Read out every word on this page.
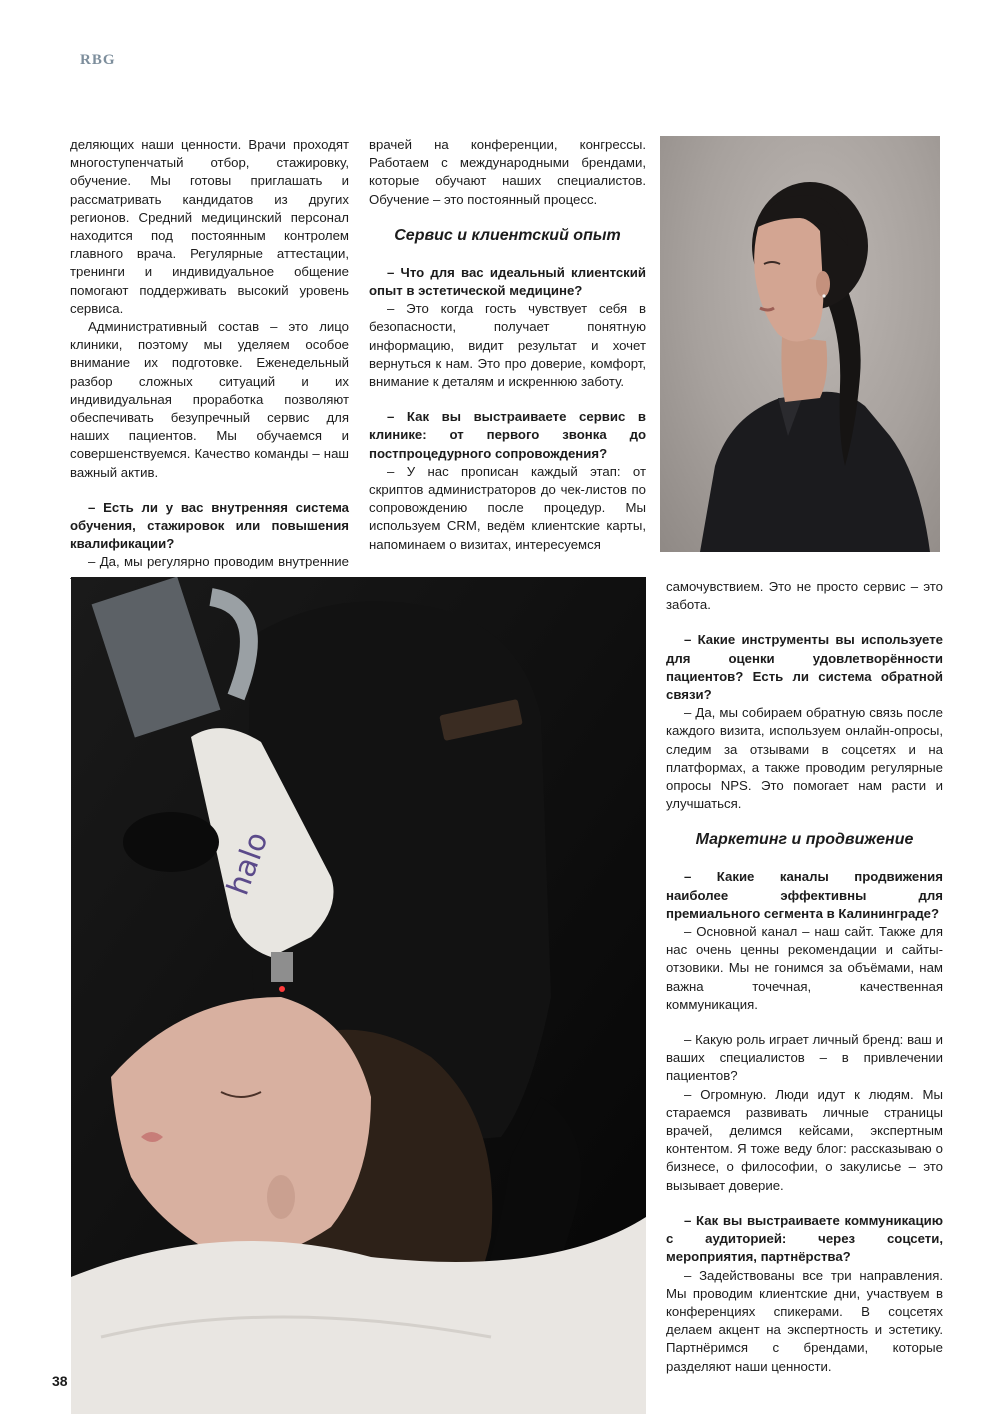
RBG

деляющих наши ценности. Врачи проходят многоступенчатый отбор, стажировку, обучение. Мы готовы приглашать и рассматривать кандидатов из других регионов. Средний медицинский персонал находится под постоянным контролем главного врача. Регулярные аттестации, тренинги и индивидуальное общение помогают поддерживать высокий уровень сервиса.

Административный состав – это лицо клиники, поэтому мы уделяем особое внимание их подготовке. Еженедельный разбор сложных ситуаций и их индивидуальная проработка позволяют обеспечивать безупречный сервис для наших пациентов. Мы обучаемся и совершенствуемся. Качество команды – наш важный актив.

– Есть ли у вас внутренняя система обучения, стажировок или повышения квалификации?

– Да, мы регулярно проводим внутренние

врачей на конференции, конгрессы. Работаем с международными брендами, которые обучают наших специалистов. Обучение – это постоянный процесс.

Сервис и клиентский опыт

– Что для вас идеальный клиентский опыт в эстетической медицине?

– Это когда гость чувствует себя в безопасности, получает понятную информацию, видит результат и хочет вернуться к нам. Это про доверие, комфорт, внимание к деталям и искреннюю заботу.

– Как вы выстраиваете сервис в клинике: от первого звонка до постпроцедурного сопровождения?

– У нас прописан каждый этап: от скриптов администраторов до чек-листов по сопровождению после процедур. Мы используем CRM, ведём клиентские карты, напоминаем о визитах, интересуемся

halo

самочувствием. Это не просто сервис – это забота.

– Какие инструменты вы используете для оценки удовлетворённости пациентов? Есть ли система обратной связи?

– Да, мы собираем обратную связь после каждого визита, используем онлайн-опросы, следим за отзывами в соцсетях и на платформах, а также проводим регулярные опросы NPS. Это помогает нам расти и улучшаться.

Маркетинг и продвижение

– Какие каналы продвижения наиболее эффективны для премиального сегмента в Калининграде?

– Основной канал – наш сайт. Также для нас очень ценны рекомендации и сайты-отзовики. Мы не гонимся за объёмами, нам важна точечная, качественная коммуникация.

– Какую роль играет личный бренд: ваш и ваших специалистов – в привлечении пациентов?

– Огромную. Люди идут к людям. Мы стараемся развивать личные страницы врачей, делимся кейсами, экспертным контентом. Я тоже веду блог: рассказываю о бизнесе, о философии, о закулисье – это вызывает доверие.

– Как вы выстраиваете коммуникацию с аудиторией: через соцсети, мероприятия, партнёрства?

– Задействованы все три направления. Мы проводим клиентские дни, участвуем в конференциях спикерами. В соцсетях делаем акцент на экспертность и эстетику. Партнёримся с брендами, которые разделяют наши ценности.

38
